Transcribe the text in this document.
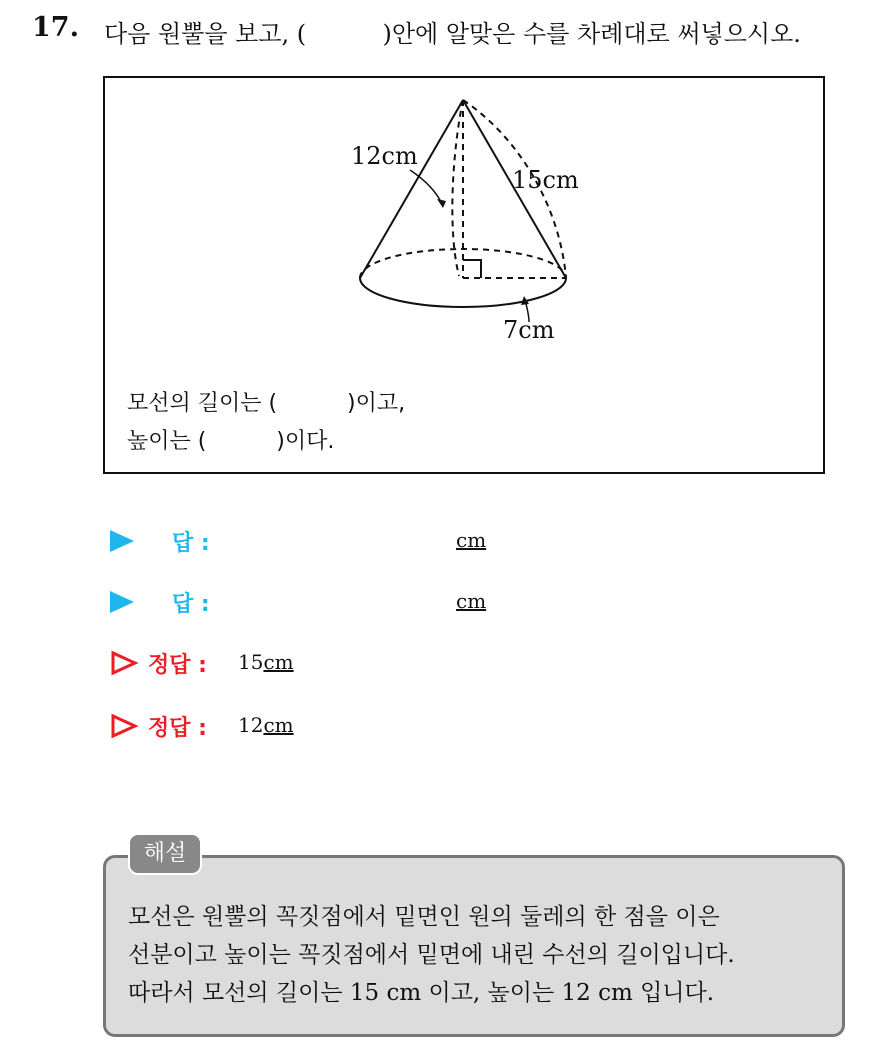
17. 다음 원뿔을 보고, (          )안에 알맞은 수를 차례대로 써넣으시오.
12cm
15cm
7cm
모선의 길이는 (          )이고,
높이는 (          )이다.
답 :	cm
답 :	cm
정답 : 15cm
정답 : 12cm

모선은 원뿔의 꼭짓점에서 밑면인 원의 둘레의 한 점을 이은

선분이고 높이는 꼭짓점에서 밑면에 내린 수선의 길이입니다.

따라서 모선의 길이는 15 cm 이고, 높이는 12 cm 입니다.

해설
